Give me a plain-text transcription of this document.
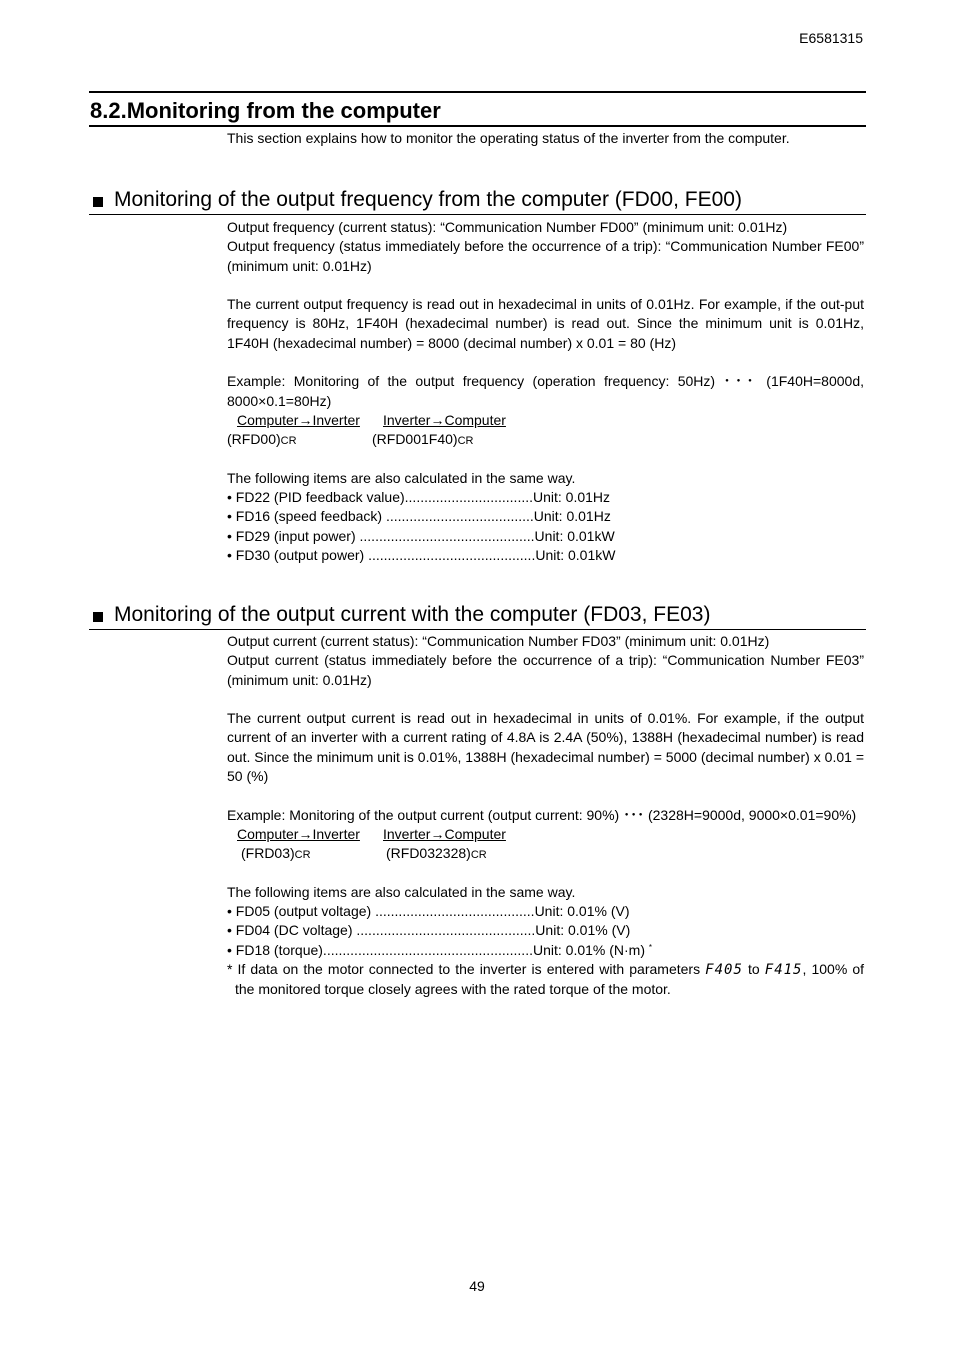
E6581315
8.2.Monitoring from the computer
This section explains how to monitor the operating status of the inverter from the computer.
Monitoring of the output frequency from the computer (FD00, FE00)

Output frequency (current status): “Communication Number FD00” (minimum unit: 0.01Hz)

Output frequency (status immediately before the occurrence of a trip): “Communication Number FE00” (minimum unit: 0.01Hz)

The current output frequency is read out in hexadecimal in units of 0.01Hz. For example, if the out-put frequency is 80Hz, 1F40H (hexadecimal number) is read out. Since the minimum unit is 0.01Hz, 1F40H (hexadecimal number) = 8000 (decimal number) x 0.01 = 80 (Hz)

Example: Monitoring of the output frequency (operation frequency: 50Hz) ･･･ (1F40H=8000d, 8000×0.1=80Hz)

Computer→Inverter Inverter→Computer
(RFD00)CR	(RFD001F40)CR

The following items are also calculated in the same way.

• FD22 (PID feedback value).................................Unit: 0.01Hz

• FD16 (speed feedback) ......................................Unit: 0.01Hz

• FD29 (input power) .............................................Unit: 0.01kW

• FD30 (output power) ...........................................Unit: 0.01kW

Monitoring of the output current with the computer (FD03, FE03)

Output current (current status): “Communication Number FD03” (minimum unit: 0.01Hz)

Output current (status immediately before the occurrence of a trip): “Communication Number FE03” (minimum unit: 0.01Hz)

The current output current is read out in hexadecimal in units of 0.01%. For example, if the output current of an inverter with a current rating of 4.8A is 2.4A (50%), 1388H (hexadecimal number) is read out. Since the minimum unit is 0.01%, 1388H (hexadecimal number) = 5000 (decimal number) x 0.01 = 50 (%)

Example: Monitoring of the output current (output current: 90%) ･･･ (2328H=9000d, 9000×0.01=90%)

Computer→Inverter Inverter→Computer
(FRD03)CR	(RFD032328)CR

The following items are also calculated in the same way.

• FD05 (output voltage) .........................................Unit: 0.01% (V)

• FD04 (DC voltage) ..............................................Unit: 0.01% (V)

• FD18 (torque)......................................................Unit: 0.01% (N·m) *

* If data on the motor connected to the inverter is entered with parameters F405 to F415, 100% of the monitored torque closely agrees with the rated torque of the motor.

49
